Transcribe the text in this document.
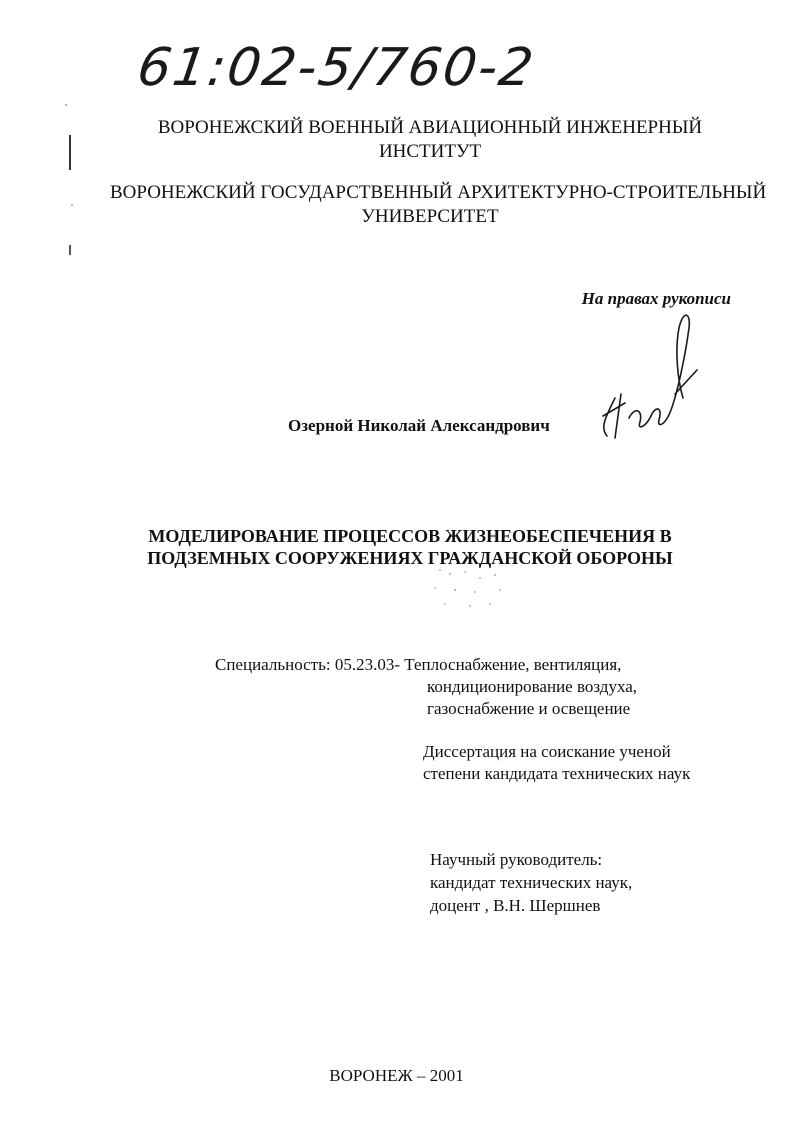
61:02-5/760-2
ВОРОНЕЖСКИЙ ВОЕННЫЙ АВИАЦИОННЫЙ ИНЖЕНЕРНЫЙ
ИНСТИТУТ
ВОРОНЕЖСКИЙ ГОСУДАРСТВЕННЫЙ АРХИТЕКТУРНО-СТРОИТЕЛЬНЫЙ
УНИВЕРСИТЕТ
На правах рукописи
Озерной Николай Александрович
МОДЕЛИРОВАНИЕ ПРОЦЕССОВ ЖИЗНЕОБЕСПЕЧЕНИЯ В
ПОДЗЕМНЫХ СООРУЖЕНИЯХ ГРАЖДАНСКОЙ ОБОРОНЫ
Специальность: 05.23.03- Теплоснабжение, вентиляция,
кондиционирование воздуха,
газоснабжение и освещение
Диссертация на соискание ученой
степени кандидата технических наук
Научный руководитель:
кандидат технических наук,
доцент , В.Н. Шершнев
ВОРОНЕЖ – 2001
